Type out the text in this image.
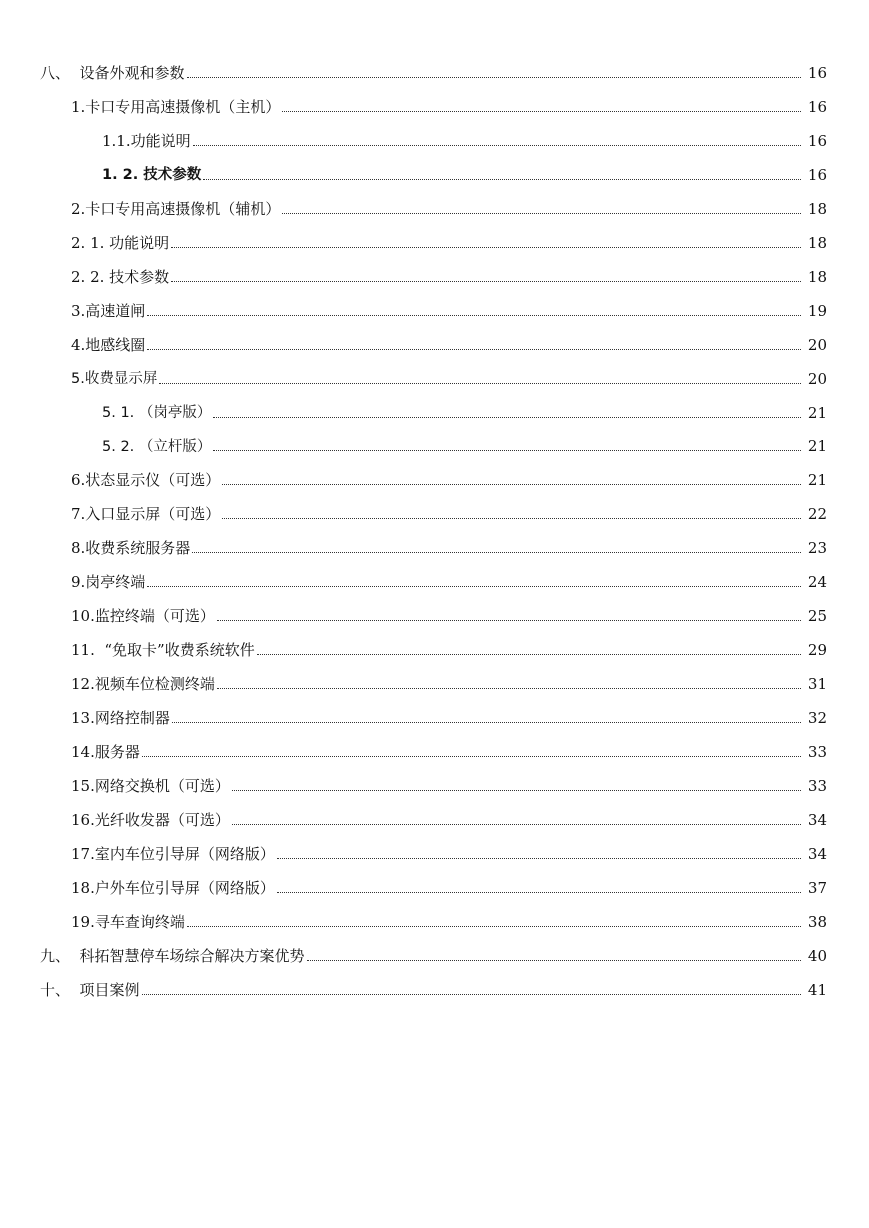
八、  设备外观和参数	16
1.卡口专用高速摄像机（主机）	16
1.1.功能说明	16
1. 2. 技术参数	16
2.卡口专用高速摄像机（辅机）	18
2. 1. 功能说明	18
2. 2. 技术参数	18
3.高速道闸	19
4.地感线圈	20
5.收费显示屏	20
5. 1. （岗亭版）	21
5. 2. （立杆版）	21
6.状态显示仪（可选）	21
7.入口显示屏（可选）	22
8.收费系统服务器	23
9.岗亭终端	24
10.监控终端（可选）	25
11.  “免取卡”收费系统软件	29
12.视频车位检测终端	31
13.网络控制器	32
14.服务器	33
15.网络交换机（可选）	33
16.光纤收发器（可选）	34
17.室内车位引导屏（网络版）	34
18.户外车位引导屏（网络版）	37
19.寻车查询终端	38
九、  科拓智慧停车场综合解决方案优势	40
十、  项目案例	41
